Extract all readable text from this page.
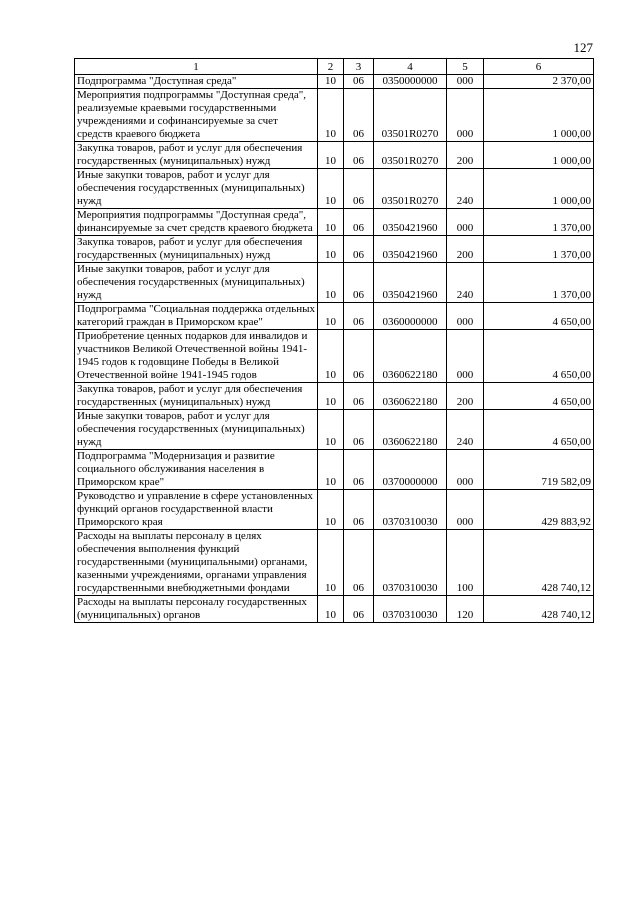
127
1	2	3	4	5	6
Подпрограмма "Доступная среда"	10	06	0350000000	000	2 370,00
Мероприятия подпрограммы "Доступная среда", реализуемые краевыми государственными учреждениями и софинансируемые за счет средств краевого бюджета	10	06	03501R0270	000	1 000,00
Закупка товаров, работ и услуг для обеспечения государственных (муниципальных) нужд	10	06	03501R0270	200	1 000,00
Иные закупки товаров, работ и услуг для обеспечения государственных (муниципальных) нужд	10	06	03501R0270	240	1 000,00
Мероприятия подпрограммы "Доступная среда", финансируемые за счет средств краевого бюджета	10	06	0350421960	000	1 370,00
Закупка товаров, работ и услуг для обеспечения государственных (муниципальных) нужд	10	06	0350421960	200	1 370,00
Иные закупки товаров, работ и услуг для обеспечения государственных (муниципальных) нужд	10	06	0350421960	240	1 370,00
Подпрограмма "Социальная поддержка отдельных категорий граждан в Приморском крае"	10	06	0360000000	000	4 650,00
Приобретение ценных подарков для инвалидов и участников Великой Отечественной войны 1941-1945 годов к годовщине Победы в Великой Отечественной войне 1941-1945 годов	10	06	0360622180	000	4 650,00
Закупка товаров, работ и услуг для обеспечения государственных (муниципальных) нужд	10	06	0360622180	200	4 650,00
Иные закупки товаров, работ и услуг для обеспечения государственных (муниципальных) нужд	10	06	0360622180	240	4 650,00
Подпрограмма "Модернизация и развитие социального обслуживания населения в Приморском крае"	10	06	0370000000	000	719 582,09
Руководство и управление в сфере установленных функций органов государственной власти Приморского края	10	06	0370310030	000	429 883,92
Расходы на выплаты персоналу в целях обеспечения выполнения функций государственными (муниципальными) органами, казенными учреждениями, органами управления государственными внебюджетными фондами	10	06	0370310030	100	428 740,12
Расходы на выплаты персоналу государственных (муниципальных) органов	10	06	0370310030	120	428 740,12
